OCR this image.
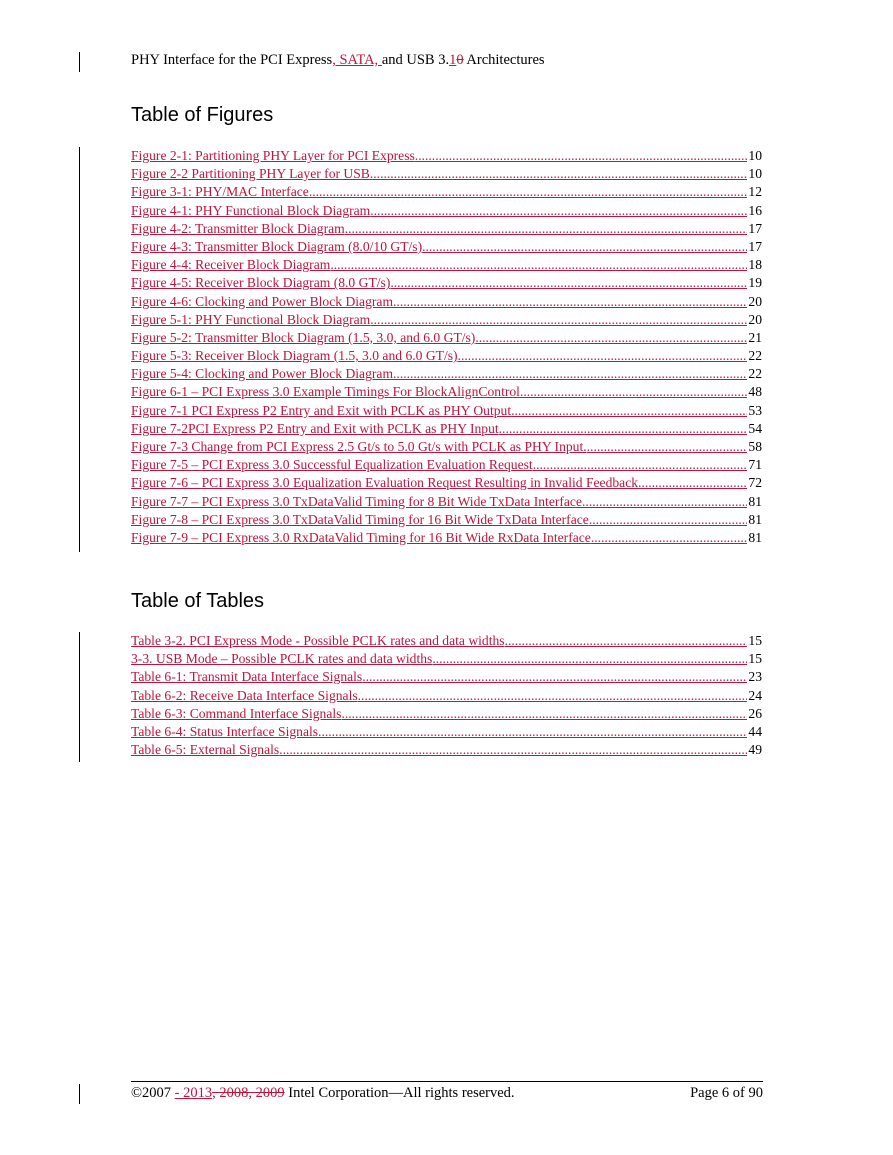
PHY Interface for the PCI Express, SATA, and USB 3.10 Architectures
Table of Figures
Figure 2-1: Partitioning PHY Layer for PCI Express .....	10
Figure 2-2 Partitioning PHY Layer for USB .....	10
Figure 3-1: PHY/MAC Interface .....	12
Figure 4-1: PHY Functional Block Diagram .....	16
Figure 4-2: Transmitter Block Diagram .....	17
Figure 4-3: Transmitter Block Diagram (8.0/10 GT/s) .....	17
Figure 4-4: Receiver Block Diagram .....	18
Figure 4-5: Receiver Block Diagram (8.0 GT/s) .....	19
Figure 4-6: Clocking and Power Block Diagram .....	20
Figure 5-1: PHY Functional Block Diagram .....	20
Figure 5-2: Transmitter Block Diagram (1.5, 3.0, and 6.0 GT/s) .....	21
Figure 5-3: Receiver Block Diagram (1.5, 3.0 and 6.0 GT/s) .....	22
Figure 5-4: Clocking and Power Block Diagram .....	22
Figure 6-1 – PCI Express 3.0 Example Timings For BlockAlignControl .....	48
Figure 7-1 PCI Express P2 Entry and Exit with PCLK as PHY Output .....	53
Figure 7-2PCI Express P2 Entry and Exit with PCLK as PHY Input .....	54
Figure 7-3 Change from PCI Express 2.5 Gt/s to 5.0 Gt/s with PCLK as PHY Input. .....	58
Figure 7-5 – PCI Express 3.0 Successful Equalization Evaluation Request .....	71
Figure 7-6 – PCI Express 3.0 Equalization Evaluation Request Resulting in Invalid Feedback .....	72
Figure 7-7 – PCI Express 3.0 TxDataValid Timing for 8 Bit Wide TxData Interface .....	81
Figure 7-8 – PCI Express 3.0 TxDataValid Timing for 16 Bit Wide TxData Interface .....	81
Figure 7-9 – PCI Express 3.0 RxDataValid Timing for 16 Bit Wide RxData Interface .....	81
Table of Tables
Table 3-2. PCI Express Mode - Possible PCLK rates and data widths .....	15
3-3. USB Mode – Possible PCLK rates and data widths .....	15
Table 6-1: Transmit Data Interface Signals .....	23
Table 6-2: Receive Data Interface Signals .....	24
Table 6-3: Command Interface Signals .....	26
Table 6-4: Status Interface Signals .....	44
Table 6-5: External Signals .....	49
©2007 - 2013, 2008, 2009 Intel Corporation—All rights reserved.	Page 6 of 90
